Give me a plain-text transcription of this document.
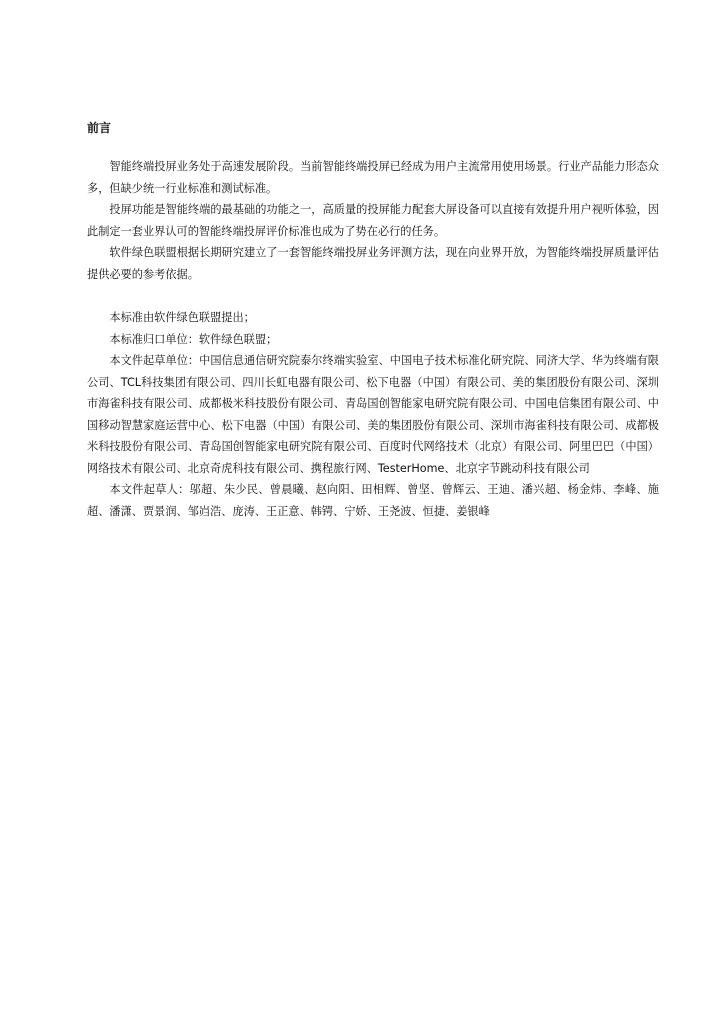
前言

智能终端投屏业务处于高速发展阶段。当前智能终端投屏已经成为用户主流常用使用场景。行业产品能力形态众多，但缺少统一行业标准和测试标准。

投屏功能是智能终端的最基础的功能之一，高质量的投屏能力配套大屏设备可以直接有效提升用户视听体验，因此制定一套业界认可的智能终端投屏评价标准也成为了势在必行的任务。

软件绿色联盟根据长期研究建立了一套智能终端投屏业务评测方法，现在向业界开放，为智能终端投屏质量评估提供必要的参考依据。

本标准由软件绿色联盟提出；

本标准归口单位：软件绿色联盟；

本文件起草单位：中国信息通信研究院泰尔终端实验室、中国电子技术标准化研究院、同济大学、华为终端有限公司、TCL科技集团有限公司、四川长虹电器有限公司、松下电器（中国）有限公司、美的集团股份有限公司、深圳市海雀科技有限公司、成都极米科技股份有限公司、青岛国创智能家电研究院有限公司、中国电信集团有限公司、中国移动智慧家庭运营中心、松下电器（中国）有限公司、美的集团股份有限公司、深圳市海雀科技有限公司、成都极米科技股份有限公司、青岛国创智能家电研究院有限公司、百度时代网络技术（北京）有限公司、阿里巴巴（中国）网络技术有限公司、北京奇虎科技有限公司、携程旅行网、TesterHome、北京字节跳动科技有限公司

本文件起草人：邬超、朱少民、曾晨曦、赵向阳、田相辉、曾坚、曾辉云、王迪、潘兴超、杨金炜、李峰、施超、潘潇、贾景润、邹岿浩、庞涛、王正意、韩锷、宁娇、王尧波、恒捷、姜银峰
